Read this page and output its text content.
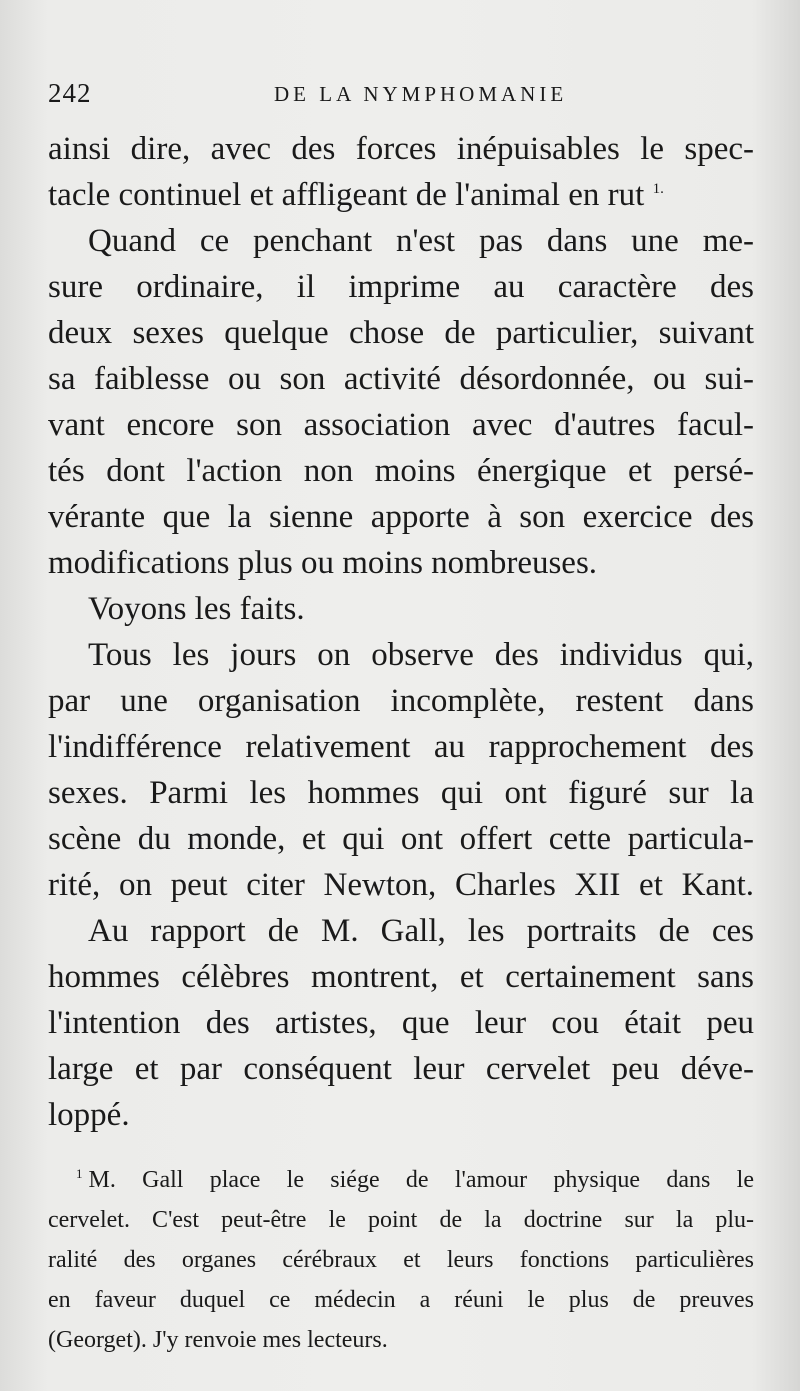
242	DE LA NYMPHOMANIE
ainsi dire, avec des forces inépuisables le spec-
tacle continuel et affligeant de l'animal en rut $^{1.}$
Quand ce penchant n'est pas dans une me-
sure ordinaire, il imprime au caractère des
deux sexes quelque chose de particulier, suivant
sa faiblesse ou son activité désordonnée, ou sui-
vant encore son association avec d'autres facul-
tés dont l'action non moins énergique et persé-
vérante que la sienne apporte à son exercice des
modifications plus ou moins nombreuses.
Voyons les faits.
Tous les jours on observe des individus qui,
par une organisation incomplète, restent dans
l'indifférence relativement au rapprochement des
sexes. Parmi les hommes qui ont figuré sur la
scène du monde, et qui ont offert cette particula-
rité, on peut citer Newton, Charles XII et Kant.
Au rapport de M. Gall, les portraits de ces
hommes célèbres montrent, et certainement sans
l'intention des artistes, que leur cou était peu
large et par conséquent leur cervelet peu déve-
loppé.
$^1$ M. Gall place le siége de l'amour physique dans le
cervelet. C'est peut-être le point de la doctrine sur la plu-
ralité des organes cérébraux et leurs fonctions particulières
en faveur duquel ce médecin a réuni le plus de preuves
(Georget). J'y renvoie mes lecteurs.
